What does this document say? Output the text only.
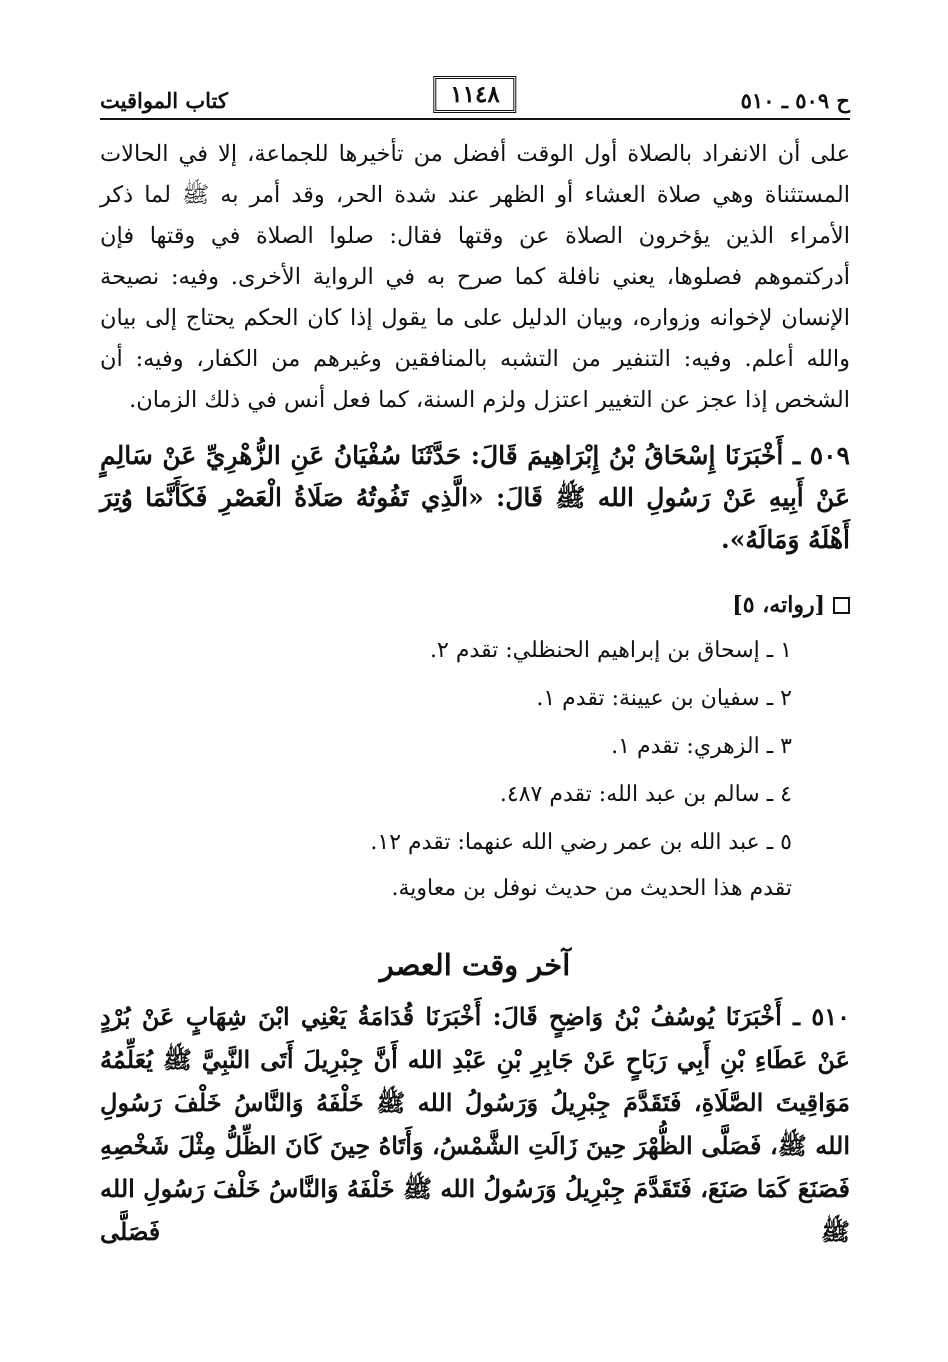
ح ٥٠٩ ـ ٥١٠
١١٤٨
كتاب المواقيت

على أن الانفراد بالصلاة أول الوقت أفضل من تأخيرها للجماعة، إلا في الحالات المستثناة وهي صلاة العشاء أو الظهر عند شدة الحر، وقد أمر به ﷺ لما ذكر الأمراء الذين يؤخرون الصلاة عن وقتها فقال: صلوا الصلاة في وقتها فإن أدركتموهم فصلوها، يعني نافلة كما صرح به في الرواية الأخرى. وفيه: نصيحة الإنسان لإخوانه وزواره، وبيان الدليل على ما يقول إذا كان الحكم يحتاج إلى بيان والله أعلم. وفيه: التنفير من التشبه بالمنافقين وغيرهم من الكفار، وفيه: أن الشخص إذا عجز عن التغيير اعتزل ولزم السنة، كما فعل أنس في ذلك الزمان.

٥٠٩ ـ أَخْبَرَنَا إِسْحَاقُ بْنُ إِبْرَاهِيمَ قَالَ: حَدَّثَنَا سُفْيَانُ عَنِ الزُّهْرِيِّ عَنْ سَالِمٍ عَنْ أَبِيهِ عَنْ رَسُولِ الله ﷺ قَالَ: «الَّذِي تَفُوتُهُ صَلَاةُ الْعَصْرِ فَكَأَنَّمَا وُتِرَ أَهْلَهُ وَمَالَهُ».

[رواته، ٥]
١ ـ إسحاق بن إبراهيم الحنظلي: تقدم ٢.
٢ ـ سفيان بن عيينة: تقدم ١.
٣ ـ الزهري: تقدم ١.
٤ ـ سالم بن عبد الله: تقدم ٤٨٧.
٥ ـ عبد الله بن عمر رضي الله عنهما: تقدم ١٢.

تقدم هذا الحديث من حديث نوفل بن معاوية.

آخر وقت العصر

٥١٠ ـ أَخْبَرَنَا يُوسُفُ بْنُ وَاضِحٍ قَالَ: أَخْبَرَنَا قُدَامَةُ يَعْنِي ابْنَ شِهَابٍ عَنْ بُرْدٍ عَنْ عَطَاءِ بْنِ أَبِي رَبَاحٍ عَنْ جَابِرِ بْنِ عَبْدِ الله أَنَّ جِبْرِيلَ أَتَى النَّبِيَّ ﷺ يُعَلِّمُهُ مَوَاقِيتَ الصَّلَاةِ، فَتَقَدَّمَ جِبْرِيلُ وَرَسُولُ الله ﷺ خَلْفَهُ وَالنَّاسُ خَلْفَ رَسُولِ الله ﷺ، فَصَلَّى الظُّهْرَ حِينَ زَالَتِ الشَّمْسُ، وَأَتَاهُ حِينَ كَانَ الظِّلُّ مِثْلَ شَخْصِهِ فَصَنَعَ كَمَا صَنَعَ، فَتَقَدَّمَ جِبْرِيلُ وَرَسُولُ الله ﷺ خَلْفَهُ وَالنَّاسُ خَلْفَ رَسُولِ الله ﷺ فَصَلَّى
